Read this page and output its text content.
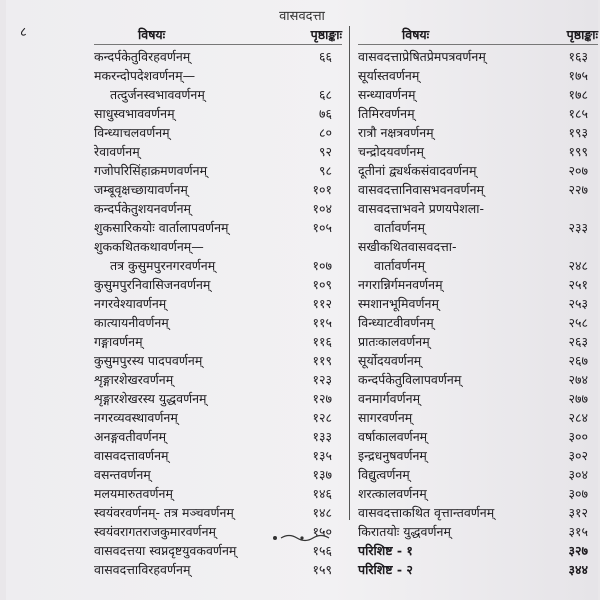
वासवदत्ता
८	विषयः	पृष्ठाङ्काः
कन्दर्पकेतुविरहवर्णनम्	६६
मकरन्दोपदेशवर्णनम्—
तत्दुर्जनस्वभाववर्णनम्	६८
साधुस्वभाववर्णनम्	७६
विन्ध्याचलवर्णनम्	८०
रेवावर्णनम्	९२
गजोपरिसिंहाक्रमणवर्णनम्	९८
जम्बूवृक्षच्छायावर्णनम्	१०१
कन्दर्पकेतुशयनवर्णनम्	१०४
शुकसारिकयोः वार्तालापवर्णनम्	१०५
शुककथितकथावर्णनम्—
तत्र कुसुमपुरनगरवर्णनम्	१०७
कुसुमपुरनिवासिजनवर्णनम्	१०९
नगरवेश्यावर्णनम्	११२
कात्यायनीवर्णनम्	११५
गङ्गावर्णनम्	११६
कुसुमपुरस्य पादपवर्णनम्	११९
शृङ्गारशेखरवर्णनम्	१२३
शृङ्गारशेखरस्य युद्धवर्णनम्	१२७
नगरव्यवस्थावर्णनम्	१२८
अनङ्गवतीवर्णनम्	१३३
वासवदत्तावर्णनम्	१३५
वसन्तवर्णनम्	१३७
मलयमारुतवर्णनम्	१४६
स्वयंवरवर्णनम्- तत्र मञ्चवर्णनम्	१४८
स्वयंवरागतराजकुमारवर्णनम्	१५०
वासवदत्तया स्वप्नदृष्टयुवकवर्णनम्	१५६
वासवदत्ताविरहवर्णनम्	१५९
विषयः	पृष्ठाङ्काः
वासवदत्ताप्रेषितप्रेमपत्रवर्णनम्	१६३
सूर्यास्तवर्णनम्	१७५
सन्ध्यावर्णनम्	१७८
तिमिरवर्णनम्	१८५
रात्रौ नक्षत्रवर्णनम्	१९३
चन्द्रोदयवर्णनम्	१९९
दूतीनां द्व्यर्थकसंवादवर्णनम्	२०७
वासवदत्तानिवासभवनवर्णनम्	२२७
वासवदत्ताभवने प्रणयपेशला-
वार्तावर्णनम्	२३३
सखीकथितवासवदत्ता-
वार्तावर्णनम्	२४८
नगरान्निर्गमनवर्णनम्	२५१
स्मशानभूमिवर्णनम्	२५३
विन्ध्याटवीवर्णनम्	२५८
प्रातःकालवर्णनम्	२६३
सूर्योदयवर्णनम्	२६७
कन्दर्पकेतुविलापवर्णनम्	२७४
वनमार्गवर्णनम्	२७७
सागरवर्णनम्	२८४
वर्षाकालवर्णनम्	३००
इन्द्रधनुषवर्णनम्	३०२
विद्युत्वर्णनम्	३०४
शरत्कालवर्णनम्	३०७
वासवदत्ताकथित वृत्तान्तवर्णनम्	३१२
किरातयोः युद्धवर्णनम्	३१५
परिशिष्ट - १	३२७
परिशिष्ट - २	३४४
